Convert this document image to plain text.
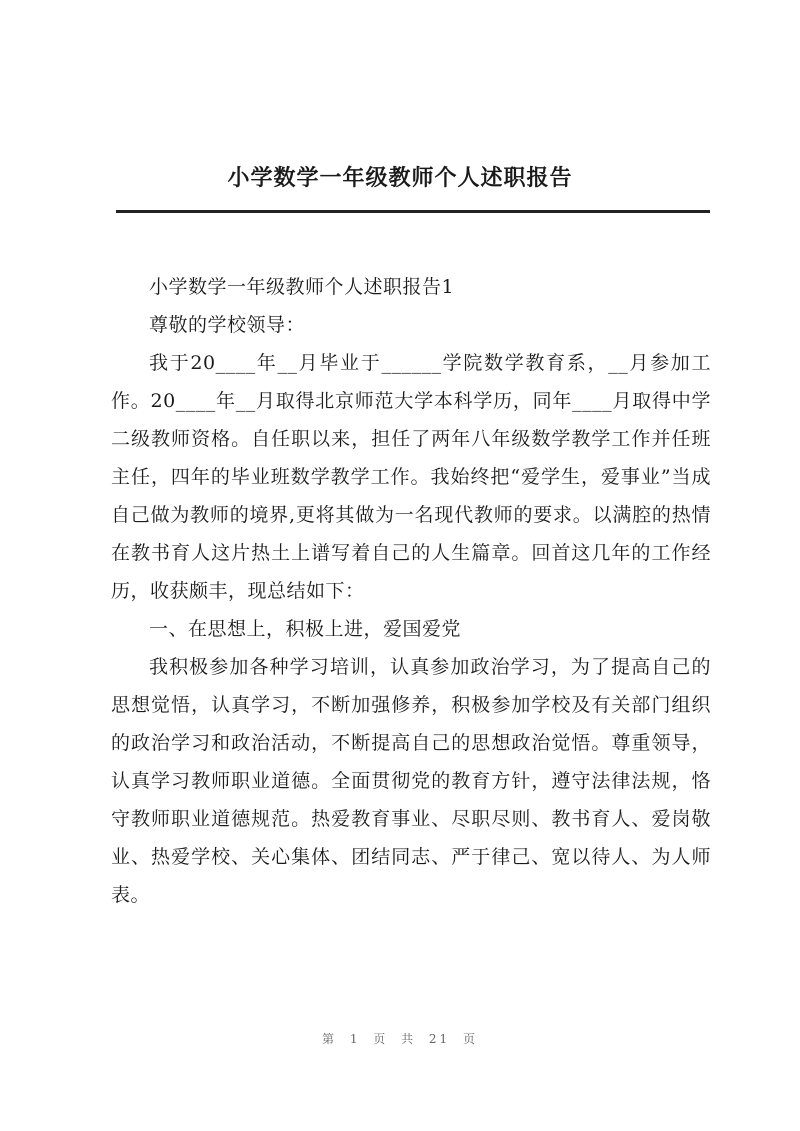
小学数学一年级教师个人述职报告

小学数学一年级教师个人述职报告1

尊敬的学校领导：

我于20____年__月毕业于______学院数学教育系，__月参加工作。20____年__月取得北京师范大学本科学历，同年____月取得中学二级教师资格。自任职以来，担任了两年八年级数学教学工作并任班主任，四年的毕业班数学教学工作。我始终把“爱学生，爱事业”当成自己做为教师的境界,更将其做为一名现代教师的要求。以满腔的热情在教书育人这片热土上谱写着自己的人生篇章。回首这几年的工作经历，收获颇丰，现总结如下：

一、在思想上，积极上进，爱国爱党

我积极参加各种学习培训，认真参加政治学习，为了提高自己的思想觉悟，认真学习，不断加强修养，积极参加学校及有关部门组织的政治学习和政治活动，不断提高自己的思想政治觉悟。尊重领导，认真学习教师职业道德。全面贯彻党的教育方针，遵守法律法规，恪守教师职业道德规范。热爱教育事业、尽职尽则、教书育人、爱岗敬业、热爱学校、关心集体、团结同志、严于律己、宽以待人、为人师表。

第 1 页 共 21 页
